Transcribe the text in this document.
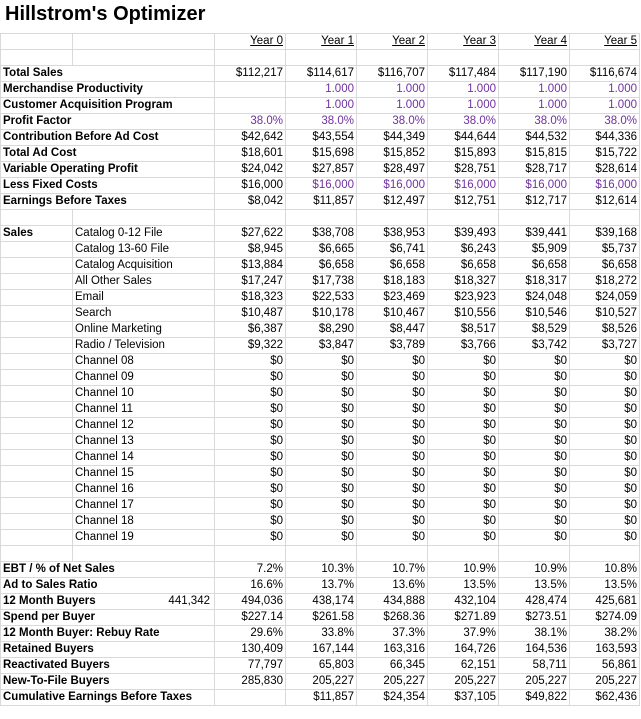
Hillstrom's Optimizer
		Year 0	Year 1	Year 2	Year 3	Year 4	Year 5

Total Sales		$112,217	$114,617	$116,707	$117,484	$117,190	$116,674
Merchandise Productivity			1.000	1.000	1.000	1.000	1.000
Customer Acquisition Program			1.000	1.000	1.000	1.000	1.000
Profit Factor		38.0%	38.0%	38.0%	38.0%	38.0%	38.0%
Contribution Before Ad Cost		$42,642	$43,554	$44,349	$44,644	$44,532	$44,336
Total Ad Cost		$18,601	$15,698	$15,852	$15,893	$15,815	$15,722
Variable Operating Profit		$24,042	$27,857	$28,497	$28,751	$28,717	$28,614
Less Fixed Costs		$16,000	$16,000	$16,000	$16,000	$16,000	$16,000
Earnings Before Taxes		$8,042	$11,857	$12,497	$12,751	$12,717	$12,614

Sales	Catalog 0-12 File	$27,622	$38,708	$38,953	$39,493	$39,441	$39,168
	Catalog 13-60 File	$8,945	$6,665	$6,741	$6,243	$5,909	$5,737
	Catalog Acquisition	$13,884	$6,658	$6,658	$6,658	$6,658	$6,658
	All Other Sales	$17,247	$17,738	$18,183	$18,327	$18,317	$18,272
	Email	$18,323	$22,533	$23,469	$23,923	$24,048	$24,059
	Search	$10,487	$10,178	$10,467	$10,556	$10,546	$10,527
	Online Marketing	$6,387	$8,290	$8,447	$8,517	$8,529	$8,526
	Radio / Television	$9,322	$3,847	$3,789	$3,766	$3,742	$3,727
	Channel 08	$0	$0	$0	$0	$0	$0
	Channel 09	$0	$0	$0	$0	$0	$0
	Channel 10	$0	$0	$0	$0	$0	$0
	Channel 11	$0	$0	$0	$0	$0	$0
	Channel 12	$0	$0	$0	$0	$0	$0
	Channel 13	$0	$0	$0	$0	$0	$0
	Channel 14	$0	$0	$0	$0	$0	$0
	Channel 15	$0	$0	$0	$0	$0	$0
	Channel 16	$0	$0	$0	$0	$0	$0
	Channel 17	$0	$0	$0	$0	$0	$0
	Channel 18	$0	$0	$0	$0	$0	$0
	Channel 19	$0	$0	$0	$0	$0	$0

EBT / % of Net Sales		7.2%	10.3%	10.7%	10.9%	10.9%	10.8%
Ad to Sales Ratio		16.6%	13.7%	13.6%	13.5%	13.5%	13.5%
12 Month Buyers 441,342		494,036	438,174	434,888	432,104	428,474	425,681
Spend per Buyer		$227.14	$261.58	$268.36	$271.89	$273.51	$274.09
12 Month Buyer: Rebuy Rate		29.6%	33.8%	37.3%	37.9%	38.1%	38.2%
Retained Buyers		130,409	167,144	163,316	164,726	164,536	163,593
Reactivated Buyers		77,797	65,803	66,345	62,151	58,711	56,861
New-To-File Buyers		285,830	205,227	205,227	205,227	205,227	205,227
Cumulative Earnings Before Taxes			$11,857	$24,354	$37,105	$49,822	$62,436
